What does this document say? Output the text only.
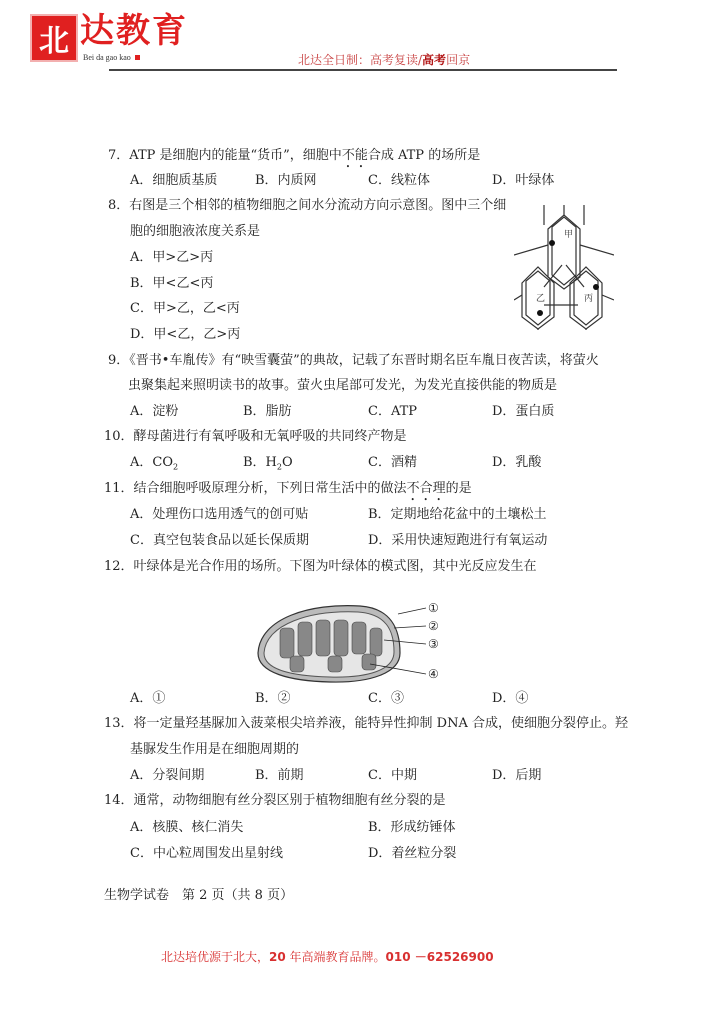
北 达教育
Bei da gao kao	北达全日制：高考复读/高考回京
7．ATP 是细胞内的能量“货币”，细胞中不能合成 ATP 的场所是
A．细胞质基质	B．内质网	C．线粒体	D．叶绿体
8．右图是三个相邻的植物细胞之间水分流动方向示意图。图中三个细
胞的细胞液浓度关系是
A．甲>乙>丙
B．甲<乙<丙
C．甲>乙，乙<丙
D．甲<乙，乙>丙
甲
乙	丙
9．《晋书•车胤传》有“映雪囊萤”的典故，记载了东晋时期名臣车胤日夜苦读，将萤火
虫聚集起来照明读书的故事。萤火虫尾部可发光，为发光直接供能的物质是
A．淀粉	B．脂肪	C．ATP	D．蛋白质
10．酵母菌进行有氧呼吸和无氧呼吸的共同终产物是
A．$CO_2$	B．$H_2O$	C．酒精	D．乳酸
11．结合细胞呼吸原理分析，下列日常生活中的做法不合理的是
A．处理伤口选用透气的创可贴	B．定期地给花盆中的土壤松土
C．真空包装食品以延长保质期	D．采用快速短跑进行有氧运动
12．叶绿体是光合作用的场所。下图为叶绿体的模式图，其中光反应发生在
①
②
③
④
A．①	B．②	C．③	D．④
13．将一定量羟基脲加入菠菜根尖培养液，能特异性抑制 DNA 合成，使细胞分裂停止。羟
基脲发生作用是在细胞周期的
A．分裂间期	B．前期	C．中期	D．后期
14．通常，动物细胞有丝分裂区别于植物细胞有丝分裂的是
A．核膜、核仁消失	B．形成纺锤体
C．中心粒周围发出星射线	D．着丝粒分裂
生物学试卷　第 2 页（共 8 页）
北达培优源于北大，20 年高端教育品牌。010 －62526900
